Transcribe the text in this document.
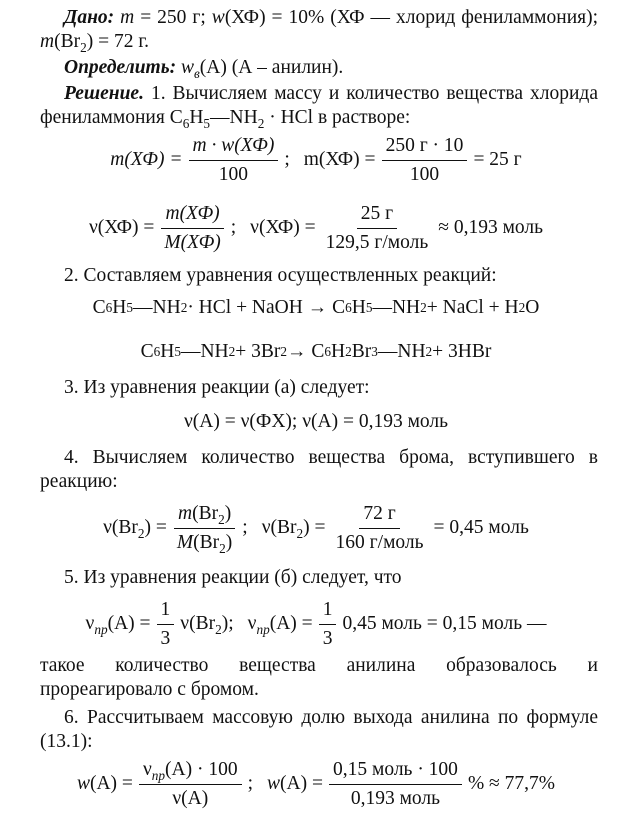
Дано: m = 250 г; w(ХФ) = 10% (ХФ — хлорид фениламмония); $m(Br_2) = 72$ г.
Определить: $w_в(А)$ (А – анилин).
Решение. 1. Вычисляем массу и количество вещества хлорида фениламмония $C_6H_5—NH_2$ · HCl в растворе:
$m(ХФ) = \frac{m \cdot w(ХФ)}{100}$ ; $m(ХФ) = \frac{250 г \cdot 10}{100} = 25$ г
$\nu(ХФ) = \frac{m(ХФ)}{M(ХФ)}$ ; $\nu(ХФ) = \frac{25 г}{\text{129,5 г/моль}} \approx 0,193$ моль
2. Составляем уравнения осуществленных реакций:
C 6 H 5 —NH 2 · HCl + NaOH → C 6 H 5 —NH 2 + NaCl + H 2 O
C 6 H 5 —NH 2 + 3Br 2 → C 6 H 2 Br 3 —NH 2 + 3HBr
3. Из уравнения реакции (а) следует:
ν(А) = ν(ФХ); ν(А) = 0,193 моль
4. Вычисляем количество вещества брома, вступившего в реакцию:
$\nu(Br_2) = \frac{m(Br_2)}{M(Br_2)}$ ; $\nu(Br_2) = \frac{72 г}{\text{160 г/моль}} = 0,45$ моль
5. Из уравнения реакции (б) следует, что
$\nu_{пр}(А) = \frac{1}{3} \nu(Br_2)$; $\nu_{пр}(А) = \frac{1}{3} 0,45$ моль = 0,15 моль —
такое количество вещества анилина образовалось и прореагировало с бромом.
6. Рассчитываем массовую долю выхода анилина по формуле (13.1):
$w(А) = \frac{\nu_{пр}(А) \cdot 100}{\nu(А)}$ ; $w(А) = \frac{\text{0,15 моль · 100}}{\text{0,193 моль}}$ % ≈ 77,7%
